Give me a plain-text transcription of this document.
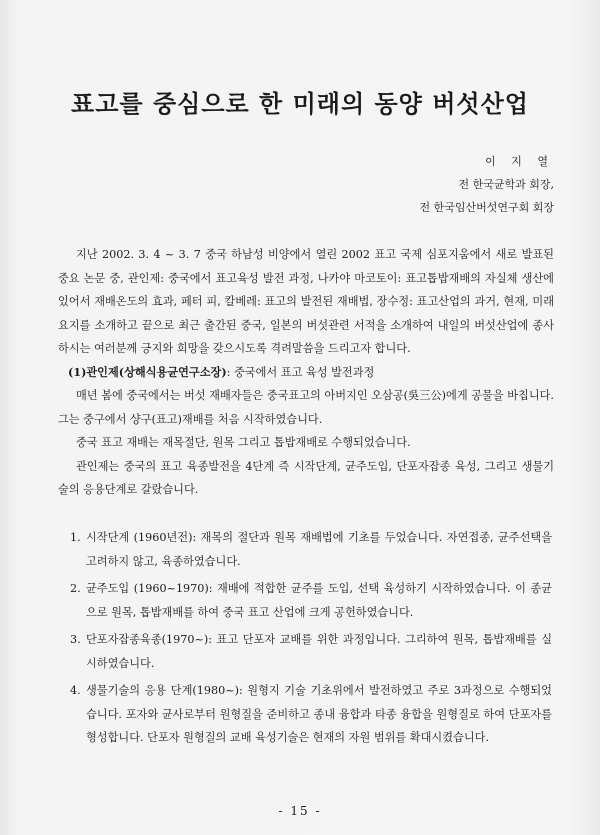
표고를 중심으로 한 미래의 동양 버섯산업
이 지 열
전 한국균학과 회장,
전 한국임산버섯연구회 회장

지난 2002. 3. 4 ~ 3. 7 중국 하남성 비양에서 열린 2002 표고 국제 심포지움에서 새로 발표된 중요 논문 중, 관인제: 중국에서 표고육성 발전 과정, 나카야 마코토이: 표고톱밥재배의 자실체 생산에 있어서 재배온도의 효과, 페터 피, 칼베레: 표고의 발전된 재배법, 장수정: 표고산업의 과거, 현재, 미래 요지를 소개하고 끝으로 최근 출간된 중국, 일본의 버섯관련 서적을 소개하여 내일의 버섯산업에 종사하시는 여러분께 긍지와 희망을 갖으시도록 격려말씀을 드리고자 합니다.

(1)관인제(상해식용균연구소장): 중국에서 표고 육성 발전과정

매년 봄에 중국에서는 버섯 재배자들은 중국표고의 아버지인 오삼공(吳三公)에게 공물을 바칩니다. 그는 중구에서 샹구(표고)재배를 처음 시작하였습니다.

중국 표고 재배는 재목절단, 원목 그리고 톱밥재배로 수행되었습니다.

관인제는 중국의 표고 육종발전을 4단계 즉 시작단계, 균주도입, 단포자잡종 육성, 그리고 생물기술의 응용단계로 갈랐습니다.

1. 시작단계 (1960년전): 재목의 절단과 원목 재배법에 기초를 두었습니다. 자연접종, 균주선택을 고려하지 않고, 육종하였습니다.
2. 균주도입 (1960~1970): 재배에 적합한 균주를 도입, 선택 육성하기 시작하였습니다. 이 종균으로 원목, 톱밥재배를 하여 중국 표고 산업에 크게 공헌하였습니다.
3. 단포자잡종육종(1970~): 표고 단포자 교배를 위한 과정입니다. 그리하여 원목, 톱밥재배를 실시하였습니다.
4. 생물기술의 응용 단계(1980~): 원형지 기술 기초위에서 발전하였고 주로 3과정으로 수행되었습니다. 포자와 균사로부터 원형질을 준비하고 종내 융합과 타종 융합을 원형질로 하여 단포자를 형성합니다. 단포자 원형질의 교배 육성기술은 현재의 자원 범위를 확대시켰습니다.
- 15 -
